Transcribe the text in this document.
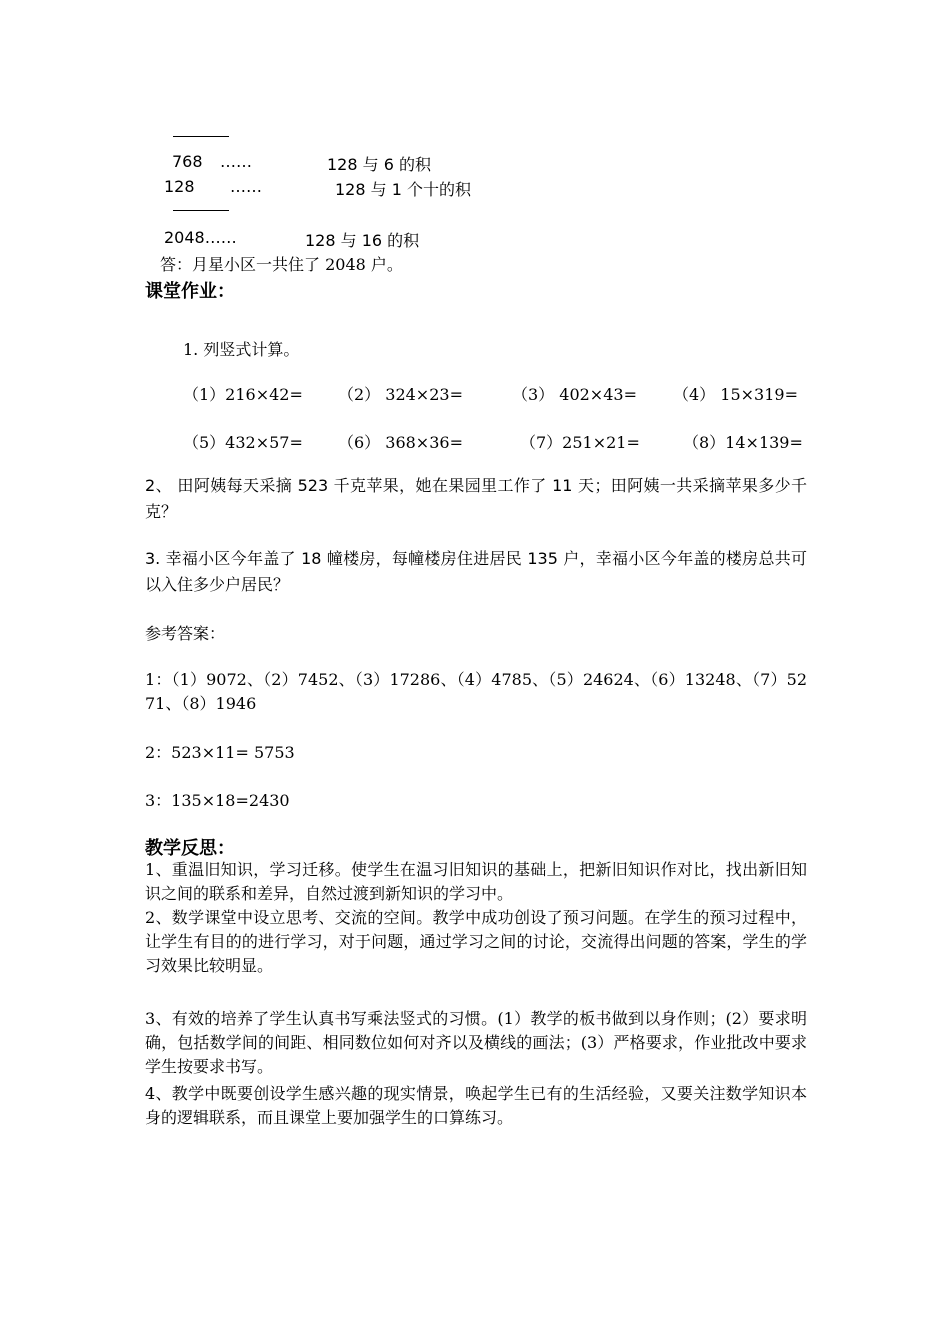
768 ……	128 与 6 的积
128 ……	128 与 1 个十的积
2048……	128 与 16 的积
答：月星小区一共住了 2048 户。
课堂作业：
1. 列竖式计算。
（1）216×42= （2） 324×23=	（3） 402×43= （4） 15×319=
（5）432×57= （6） 368×36=	（7）251×21=	（8）14×139=
2、 田阿姨每天采摘 523 千克苹果，她在果园里工作了 11 天；田阿姨一共采摘苹果多少千克？
3. 幸福小区今年盖了 18 幢楼房，每幢楼房住进居民 135 户，幸福小区今年盖的楼房总共可以入住多少户居民？
参考答案：
1：（1）9072、（2）7452、（3）17286、（4）4785、（5）24624、（6）13248、（7）5271、（8）1946
2：523×11= 5753
3：135×18=2430
教学反思：
1、重温旧知识，学习迁移。使学生在温习旧知识的基础上，把新旧知识作对比，找出新旧知识之间的联系和差异，自然过渡到新知识的学习中。
2、数学课堂中设立思考、交流的空间。教学中成功创设了预习问题。在学生的预习过程中，让学生有目的的进行学习，对于问题，通过学习之间的讨论，交流得出问题的答案，学生的学习效果比较明显。
3、有效的培养了学生认真书写乘法竖式的习惯。(1）教学的板书做到以身作则；(2）要求明确，包括数学间的间距、相同数位如何对齐以及横线的画法；(3）严格要求，作业批改中要求学生按要求书写。
4、教学中既要创设学生感兴趣的现实情景，唤起学生已有的生活经验，又要关注数学知识本身的逻辑联系，而且课堂上要加强学生的口算练习。
